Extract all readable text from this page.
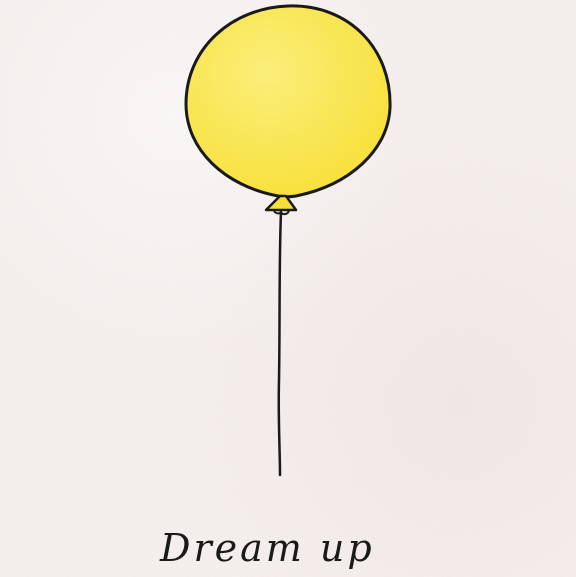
Dream up
